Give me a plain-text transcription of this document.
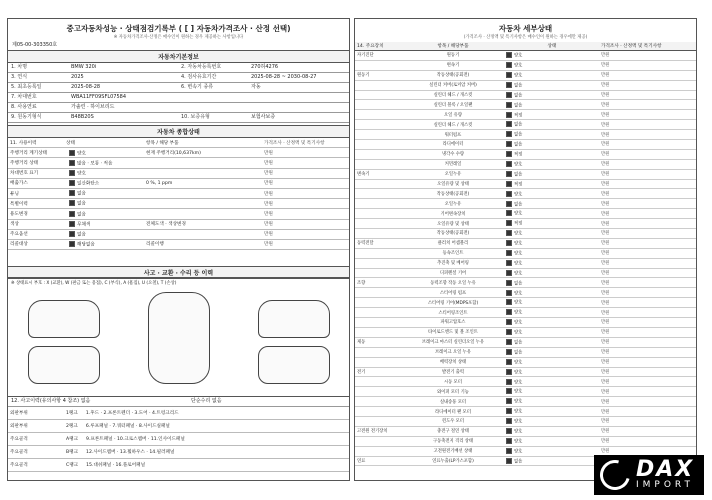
중고자동차성능 · 상태점검기록부 ( [ ] 자동차가격조사 · 산정 선택)
※ 자동차가격조사·산정은 매수인이 원하는 경우 제공하는 사항입니다
제05-00-303350호
자동차기본정보
1. 차명	BMW 320i	2. 자동차등록번호	270허4276
3. 연식	2025	4. 검사유효기간	2025-08-28 ~ 2030-08-27
5. 최초등록일	2025-08-28	6. 변속기 종류	자동
7. 차대번호	WBA11FF09SFL07584
8. 사용연료	가솔린 · 하이브리드
9. 원동기형식	B48B20S	10. 보증유형	보험사보증
자동차 종합상태
11. 사용이력	상태	항목 / 해당 부품	가격조사 · 산정액 및 특기사항
주행거리 계기상태	양호	현재 주행거리(10,637km)	만원
주행거리 상태	많음 · 보통 · 적음	만원
차대번호 표기	양호	만원
배출가스	일산화탄소	0 %, 1 ppm	만원
튜닝	없음	만원
특별이력	없음	만원
용도변경	없음	만원
색상	무채색	전체도색 · 색상변경	만원
주요옵션	없음	만원
리콜대상	해당없음	리콜이행	만원
사고 · 교환 · 수리 등 이력
※ 상태표시 부호 : X (교환), W (판금 또는 용접), C (부식), A (흠집), U (요철), T (손상)
12. 사고이력(유의사항 4 참조) 없음	단순수리 없음
외판부위	1랭크 1.후드 · 2.프론트펜더 · 3.도어 · 4.트렁크리드
외판부위	2랭크 6.루프패널 · 7.쿼터패널 · 8.사이드실패널
주요골격	A랭크 9.프론트패널 · 10.크로스멤버 · 11.인사이드패널
주요골격	B랭크 12.사이드멤버 · 13.휠하우스 · 14.필러패널
주요골격	C랭크 15.대쉬패널 · 16.플로어패널
자동차 세부상태
(가격조사 · 산정액 및 특기사항은 매수인이 원하는 경우에만 제공)
14. 주요장치	항목 / 해당부품	상태	가격조사 · 산정액 및 특기사항
자기진단	원동기	양호	만원
변속기	양호	만원
원동기	작동상태(공회전)	양호	만원
실린더 커버(로커암 커버)	없음	만원
실린더 헤드 / 개스킷	없음	만원
실린더 블록 / 오일팬	없음	만원
오일 유량	적정	만원
실린더 헤드 / 개스킷	없음	만원
워터펌프	없음	만원
라디에이터	없음	만원
냉각수 수량	적정	만원
커먼레일	양호	만원
변속기	오일누유	없음	만원
오일유량 및 상태	적정	만원
작동상태(공회전)	양호	만원
오일누유	없음	만원
기어변속장치	양호	만원
오일유량 및 상태	적정	만원
작동상태(공회전)	양호	만원
동력전달	클러치 어셈블리	양호	만원
등속조인트	양호	만원
추진축 및 베어링	양호	만원
디퍼렌셜 기어	양호	만원
조향	동력조향 작동 오일 누유	없음	만원
스티어링 펌프	양호	만원
스티어링 기어(MDPS포함)	양호	만원
스티어링조인트	양호	만원
파워고압호스	양호	만원
타이로드엔드 및 볼 조인트	양호	만원
제동	브레이크 마스터 실린더오일 누유	없음	만원
브레이크 오일 누유	없음	만원
배력장치 상태	양호	만원
전기	발전기 출력	양호	만원
시동 모터	양호	만원
와이퍼 모터 기능	양호	만원
실내송풍 모터	양호	만원
라디에이터 팬 모터	양호	만원
윈도우 모터	양호	만원
고전원 전기장치	충전구 절연 상태	양호	만원
구동축전지 격리 상태	양호	만원
고전원전기배선 상태	양호	만원
연료	연료누출(LP가스포함)	없음	DAX
IMPORT
